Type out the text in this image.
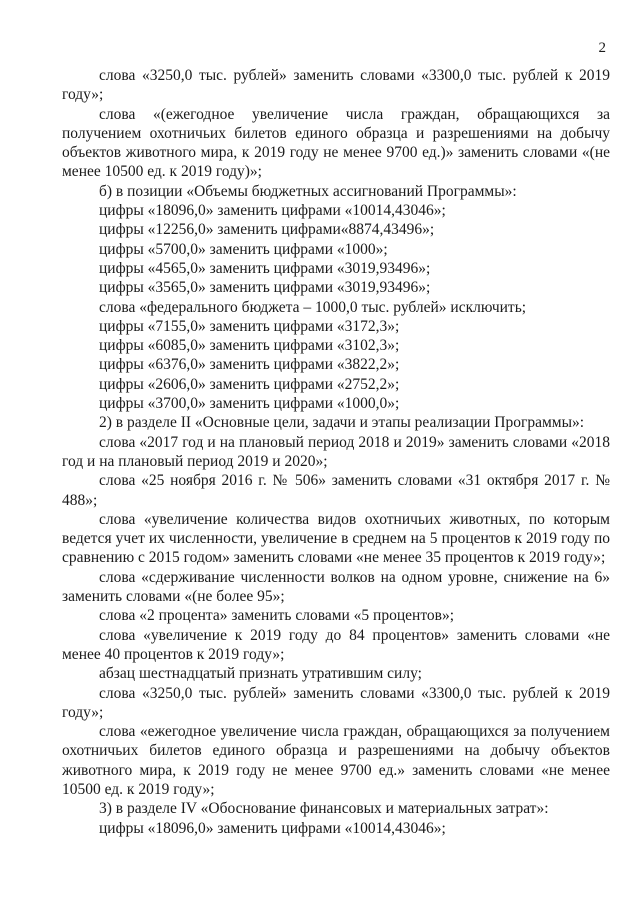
2

слова «3250,0 тыс. рублей» заменить словами «3300,0 тыс. рублей к 2019 году»;

слова «(ежегодное увеличение числа граждан, обращающихся за получением охотничьих билетов единого образца и разрешениями на добычу объектов животного мира, к 2019 году не менее 9700 ед.)» заменить словами «(не менее 10500 ед. к 2019 году)»;

б) в позиции «Объемы бюджетных ассигнований Программы»:

цифры «18096,0» заменить цифрами «10014,43046»;

цифры «12256,0» заменить цифрами«8874,43496»;

цифры «5700,0» заменить цифрами «1000»;

цифры «4565,0» заменить цифрами «3019,93496»;

цифры «3565,0» заменить цифрами «3019,93496»;

слова «федерального бюджета – 1000,0 тыс. рублей» исключить;

цифры «7155,0» заменить цифрами «3172,3»;

цифры «6085,0» заменить цифрами «3102,3»;

цифры «6376,0» заменить цифрами «3822,2»;

цифры «2606,0» заменить цифрами «2752,2»;

цифры «3700,0» заменить цифрами «1000,0»;

2) в разделе II «Основные цели, задачи и этапы реализации Программы»:

слова «2017 год и на плановый период 2018 и 2019» заменить словами «2018 год и на плановый период 2019 и 2020»;

слова «25 ноября 2016 г. № 506» заменить словами «31 октября 2017 г. № 488»;

слова «увеличение количества видов охотничьих животных, по которым ведется учет их численности, увеличение в среднем на 5 процентов к 2019 году по сравнению с 2015 годом» заменить словами «не менее 35 процентов к 2019 году»;

слова «сдерживание численности волков на одном уровне, снижение на 6» заменить словами «(не более 95»;

слова «2 процента» заменить словами «5 процентов»;

слова «увеличение к 2019 году до 84 процентов» заменить словами «не менее 40 процентов к 2019 году»;

абзац шестнадцатый признать утратившим силу;

слова «3250,0 тыс. рублей» заменить словами «3300,0 тыс. рублей к 2019 году»;

слова «ежегодное увеличение числа граждан, обращающихся за получением охотничьих билетов единого образца и разрешениями на добычу объектов животного мира, к 2019 году не менее 9700 ед.» заменить словами «не менее 10500 ед. к 2019 году»;

3) в разделе IV «Обоснование финансовых и материальных затрат»:

цифры «18096,0» заменить цифрами «10014,43046»;
